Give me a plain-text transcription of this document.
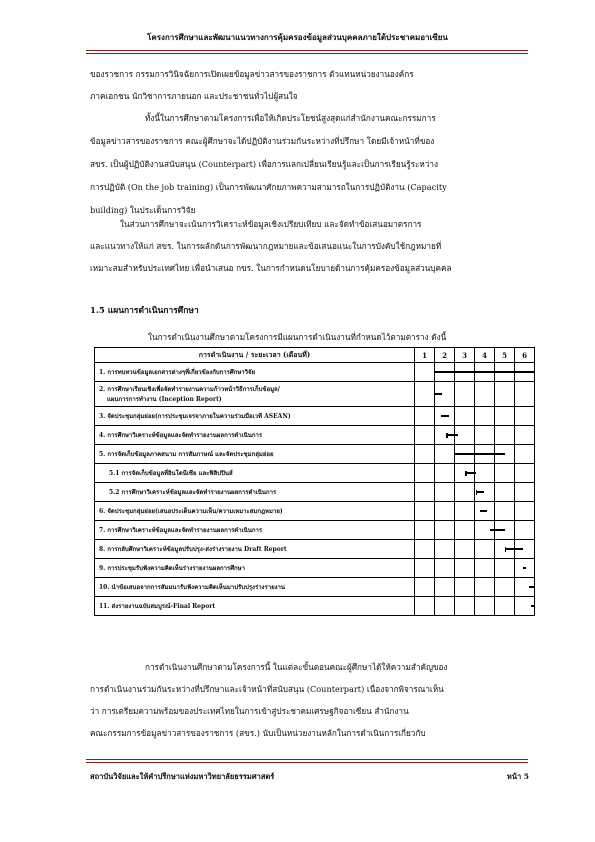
โครงการศึกษาและพัฒนาแนวทางการคุ้มครองข้อมูลส่วนบุคคลภายใต้ประชาคมอาเซียน
ของราชการ กรรมการวินิจฉัยการเปิดเผยข้อมูลข่าวสารของราชการ ตัวแทนหน่วยงานองค์กร
ภาคเอกชน นักวิชาการภายนอก และประชาชนทั่วไปผู้สนใจ
ทั้งนี้ในการศึกษาตามโครงการเพื่อให้เกิดประโยชน์สูงสุดแก่สำนักงานคณะกรรมการ
ข้อมูลข่าวสารของราชการ คณะผู้ศึกษาจะได้ปฏิบัติงานร่วมกันระหว่างที่ปรึกษา โดยมีเจ้าหน้าที่ของ
สขร. เป็นผู้ปฏิบัติงานสนับสนุน (Counterpart) เพื่อการแลกเปลี่ยนเรียนรู้และเป็นการเรียนรู้ระหว่าง
การปฏิบัติ (On the job training) เป็นการพัฒนาศักยภาพความสามารถในการปฏิบัติงาน (Capacity
building) ในประเด็นการวิจัย
ในส่วนการศึกษาจะเน้นการวิเคราะห์ข้อมูลเชิงเปรียบเทียบ และจัดทำข้อเสนอมาตรการ
และแนวทางให้แก่ สขร. ในการผลักดันการพัฒนากฎหมายและข้อเสนอแนะในการบังคับใช้กฎหมายที่
เหมาะสมสำหรับประเทศไทย เพื่อนำเสนอ กขร. ในการกำหนดนโยบายด้านการคุ้มครองข้อมูลส่วนบุคคล
1.5 แผนการดำเนินการศึกษา
ในการดำเนินงานศึกษาตามโครงการมีแผนการดำเนินงานที่กำหนดไว้ตามตาราง ดังนี้
การดำเนินงาน / ระยะเวลา (เดือนที่)	1	2	3	4	5	6

1. การทบทวนข้อมูลเอกสารต่างๆที่เกี่ยวข้องกับการศึกษาวิจัย						

2. การศึกษาเรียนเชิงเพื่อจัดทำรายงานความก้าวหน้าวิธีการเก็บข้อมูล/
แผนการการทำงาน (Inception Report)						

3. จัดประชุมกลุ่มย่อย(การประชุมเจรจาภายในความร่วมมือเวที ASEAN)						

4. การศึกษาวิเคราะห์ข้อมูลและจัดทำรายงานผลการดำเนินการ						

5. การจัดเก็บข้อมูลภาคสนาม การสัมภาษณ์ และจัดประชุมกลุ่มย่อย						

5.1 การจัดเก็บข้อมูลที่อินโดนีเซีย และฟิลิปปินส์						

5.2 การศึกษาวิเคราะห์ข้อมูลและจัดทำรายงานผลการดำเนินการ						

6. จัดประชุมกลุ่มย่อย(เสนอประเด็นความเห็น/ความเหมาะสมกฎหมาย)						

7. การศึกษาวิเคราะห์ข้อมูลและจัดทำรายงานผลการดำเนินการ						

8. การกลับศึกษาวิเคราะห์ข้อมูลปรับปรุง-ส่งร่างรายงาน Draft Report						

9. การประชุมรับฟังความคิดเห็นร่างรายงานผลการศึกษา						

10. นำข้อเสนอจากการสัมมนารับฟังความคิดเห็นมาปรับปรุงร่างรายงาน						

11. ส่งรายงานฉบับสมบูรณ์-Final Report						

การดำเนินงานศึกษาตามโครงการนี้ ในแต่ละขั้นตอนคณะผู้ศึกษาได้ให้ความสำคัญของ
การดำเนินงานร่วมกันระหว่างที่ปรึกษาและเจ้าหน้าที่สนับสนุน (Counterpart) เนื่องจากพิจารณาเห็น
ว่า การเตรียมความพร้อมของประเทศไทยในการเข้าสู่ประชาคมเศรษฐกิจอาเซียน สำนักงาน
คณะกรรมการข้อมูลข่าวสารของราชการ (สขร.) นับเป็นหน่วยงานหลักในการดำเนินการเกี่ยวกับ
สถาบันวิจัยและให้คำปรึกษาแห่งมหาวิทยาลัยธรรมศาสตร์	หน้า 5
